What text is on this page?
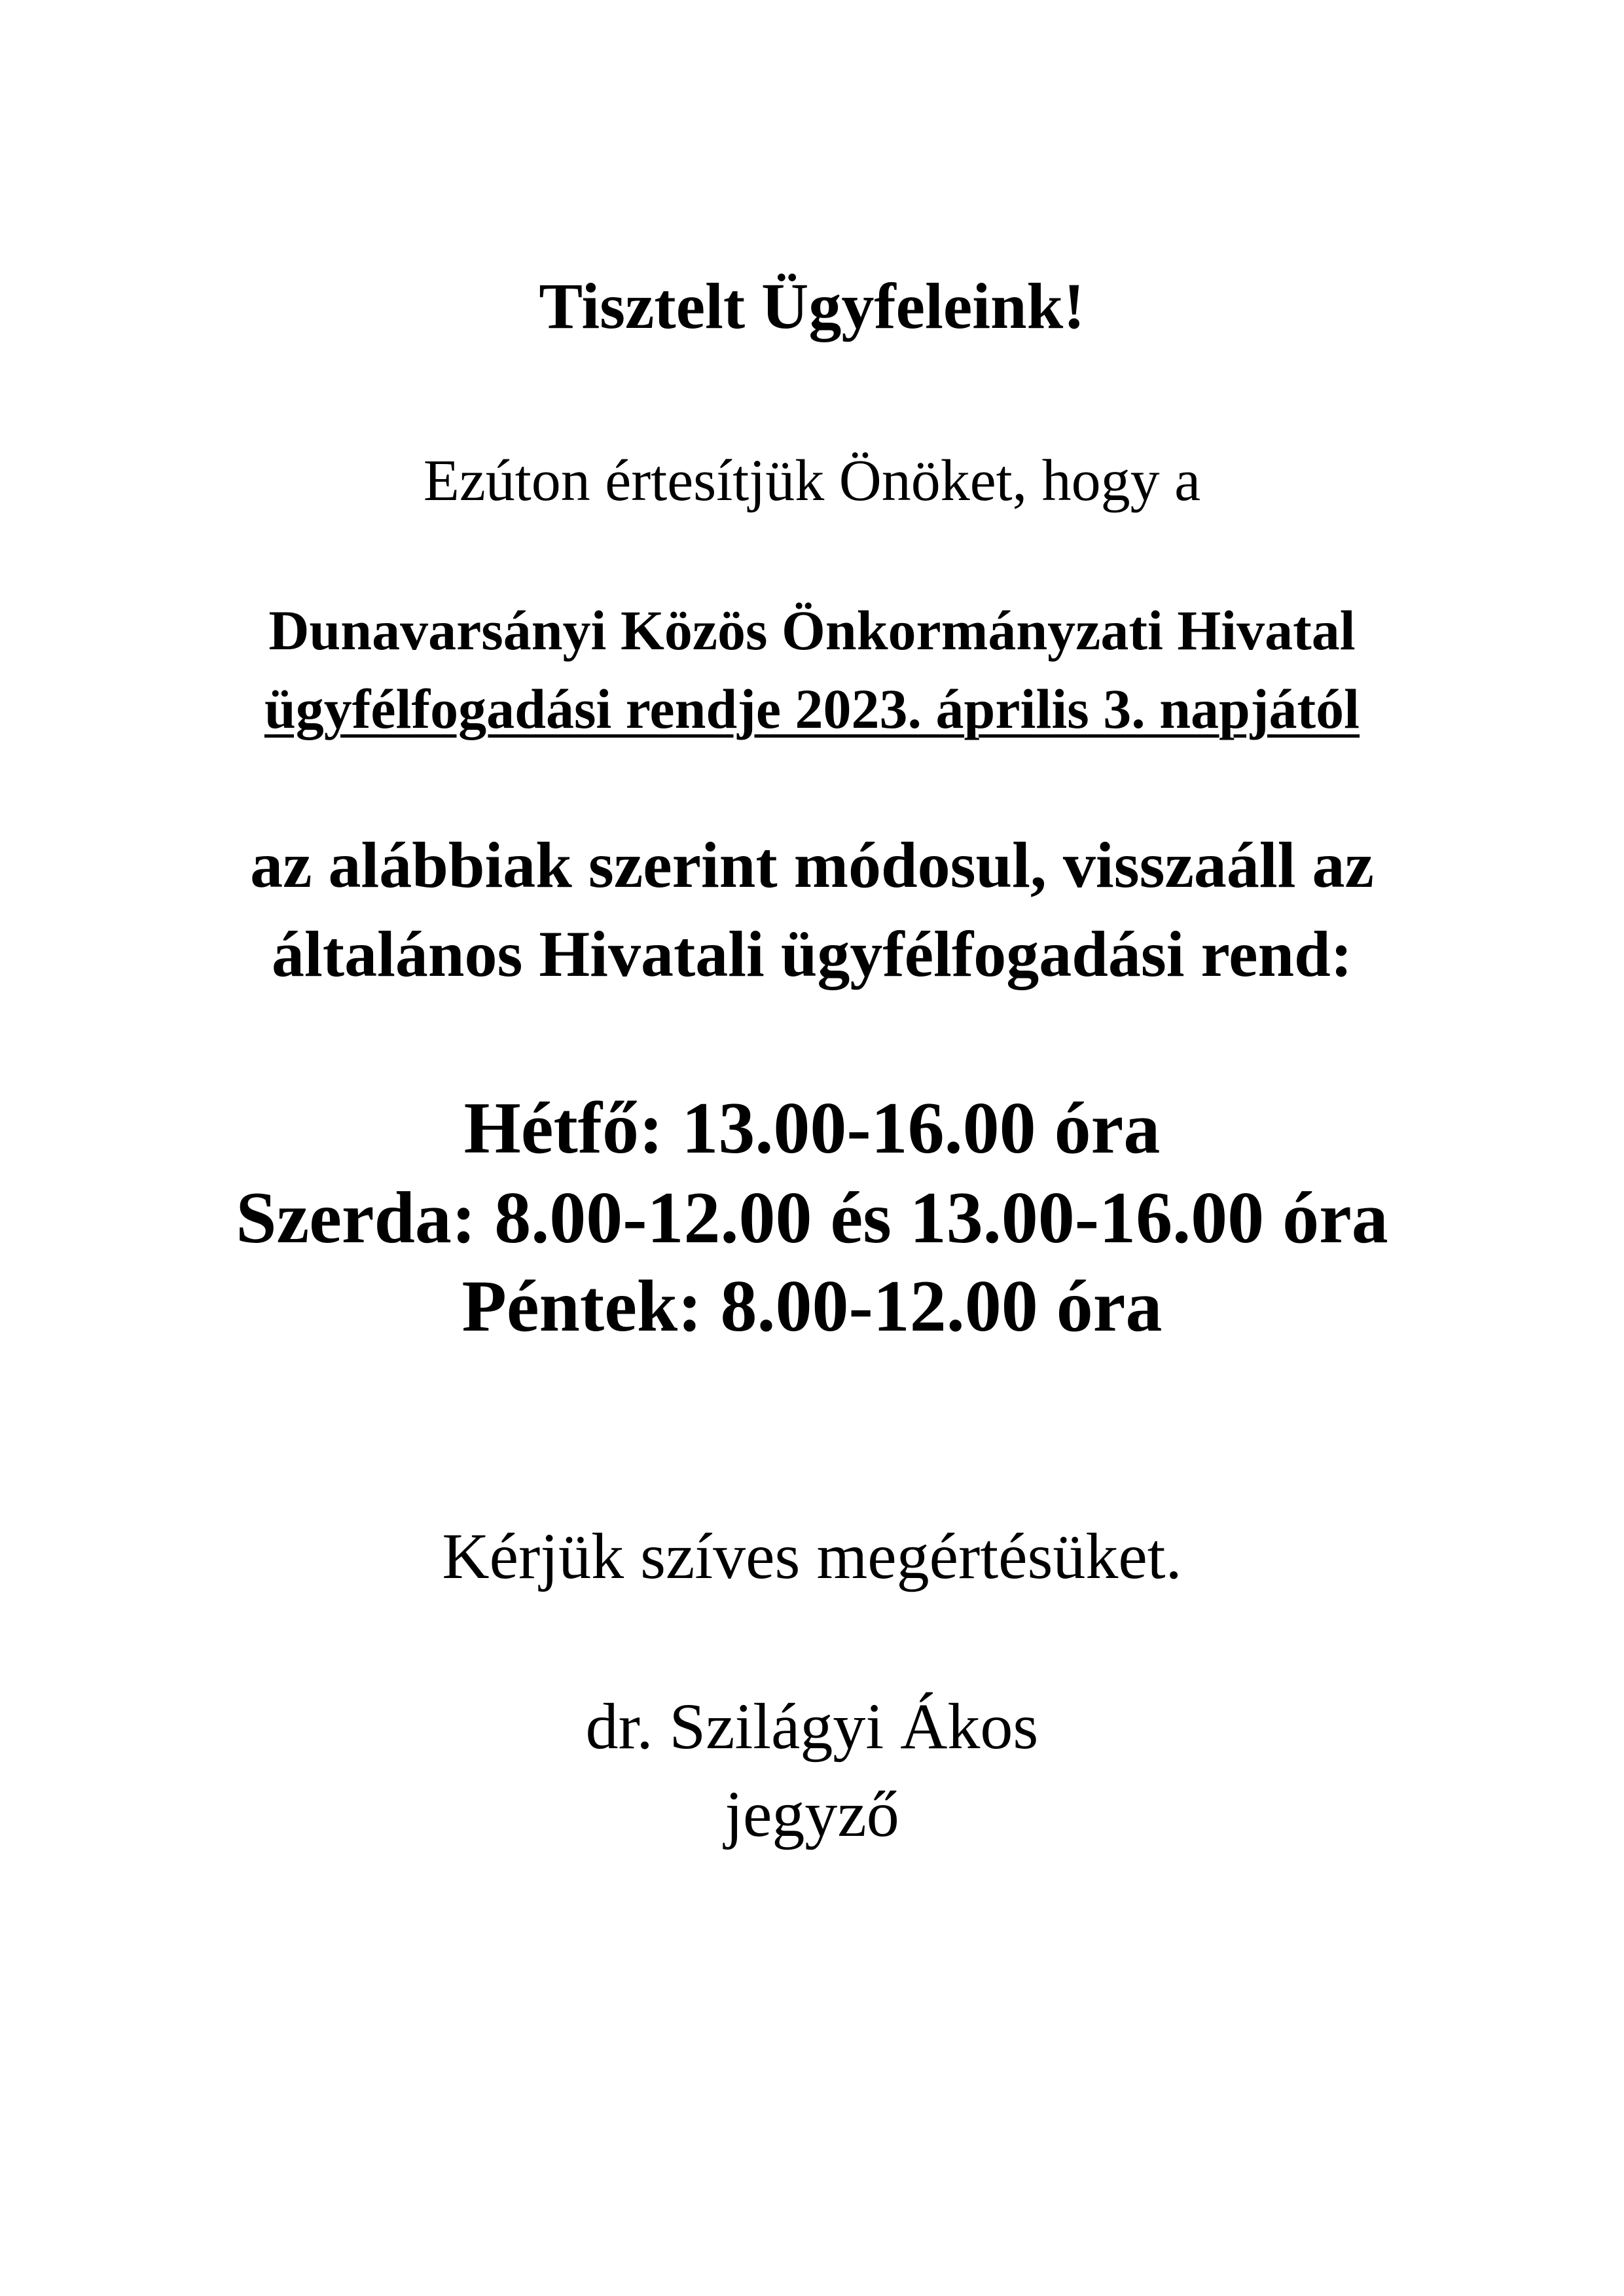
Tisztelt Ügyfeleink!
Ezúton értesítjük Önöket, hogy a
Dunavarsányi Közös Önkormányzati Hivatal
ügyfélfogadási rendje 2023. április 3. napjától
az alábbiak szerint módosul, visszaáll az
általános Hivatali ügyfélfogadási rend:
Hétfő: 13.00-16.00 óra
Szerda: 8.00-12.00 és 13.00-16.00 óra
Péntek: 8.00-12.00 óra
Kérjük szíves megértésüket.
dr. Szilágyi Ákos
jegyző
